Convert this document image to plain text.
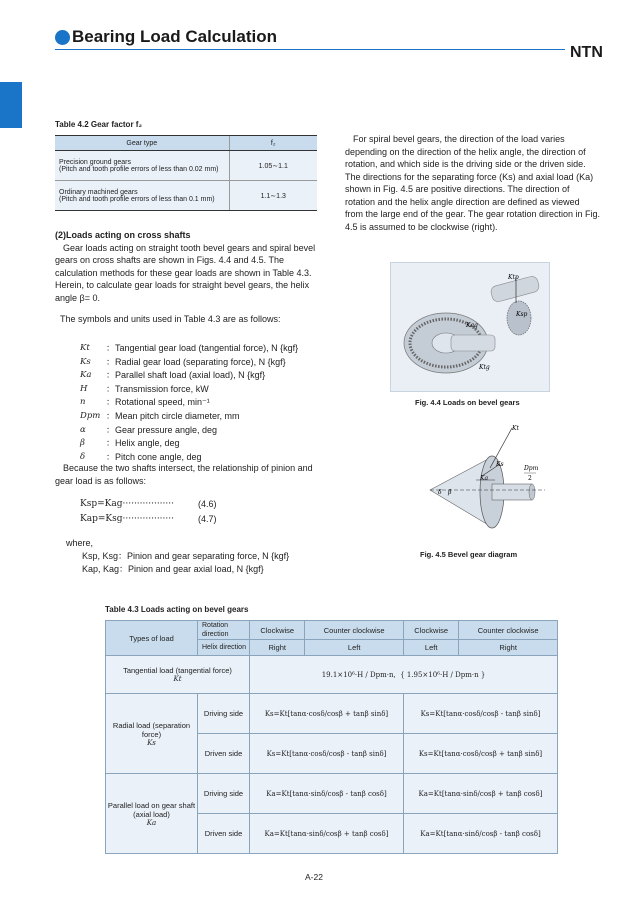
Bearing Load Calculation
NTN
Table 4.2 Gear factor f₂
Gear type	f₂

Precision ground gears
(Pitch and tooth profile errors of less than 0.02 mm)	1.05∼1.1

Ordinary machined gears
(Pitch and tooth profile errors of less than 0.1 mm)	1.1∼1.3
(2)Loads acting on cross shafts
Gear loads acting on straight tooth bevel gears and spiral bevel gears on cross shafts are shown in Figs. 4.4 and 4.5. The calculation methods for these gear loads are shown in Table 4.3. Herein, to calculate gear loads for straight bevel gears, the helix angle β= 0.
The symbols and units used in Table 4.3 are as follows:
Kt	：Tangential gear load (tangential force), N {kgf}
Ks	：Radial gear load (separating force), N {kgf}
Ka	：Parallel shaft load (axial load), N {kgf}
H	：Transmission force, kW
n	：Rotational speed, min⁻¹
Dpm ：Mean pitch circle diameter, mm
α	：Gear pressure angle, deg
β	：Helix angle, deg
δ	：Pitch cone angle, deg
Because the two shafts intersect, the relationship of pinion and gear load is as follows:
Ksp=Kag··················	(4.6)
Kap=Ksg··················	(4.7)
where,
Ksp, Ksg：Pinion and gear separating force, N {kgf}
Kap, Kag：Pinion and gear axial load, N {kgf}
For spiral bevel gears, the direction of the load varies depending on the direction of the helix angle, the direction of rotation, and which side is the driving side or the driven side. The directions for the separating force (Ks) and axial load (Ka) shown in Fig. 4.5 are positive directions. The direction of rotation and the helix angle direction are defined as viewed from the large end of the gear. The gear rotation direction in Fig. 4.5 is assumed to be clockwise (right).
Ktp
Ksp
Kag
Ktg
Fig. 4.4 Loads on bevel gears
Kt
Ks
Ka
Dpm
2
δ β
Fig. 4.5 Bevel gear diagram
Table 4.3 Loads acting on bevel gears
Types of load	Rotation direction	Clockwise	Counter clockwise	Clockwise	Counter clockwise
	Helix direction	Right	Left	Left	Right

Tangential load (tangential force)
Kt		19.1×10⁶·H / Dpm·n,  { 1.95×10⁶·H / Dpm·n }			

Radial load (separation force)
Ks	Driving side	Ks=Kt[tanα·cosδ/cosβ + tanβ sinδ]		Ks=Kt[tanα·cosδ/cosβ - tanβ sinδ]	
	Driven side	Ks=Kt[tanα·cosδ/cosβ - tanβ sinδ]		Ks=Kt[tanα·cosδ/cosβ + tanβ sinδ]	

Parallel load on gear shaft (axial load)
Ka	Driving side	Ka=Kt[tanα·sinδ/cosβ - tanβ cosδ]		Ka=Kt[tanα·sinδ/cosβ + tanβ cosδ]	
	Driven side	Ka=Kt[tanα·sinδ/cosβ + tanβ cosδ]		Ka=Kt[tanα·sinδ/cosβ - tanβ cosδ]	
A-22
